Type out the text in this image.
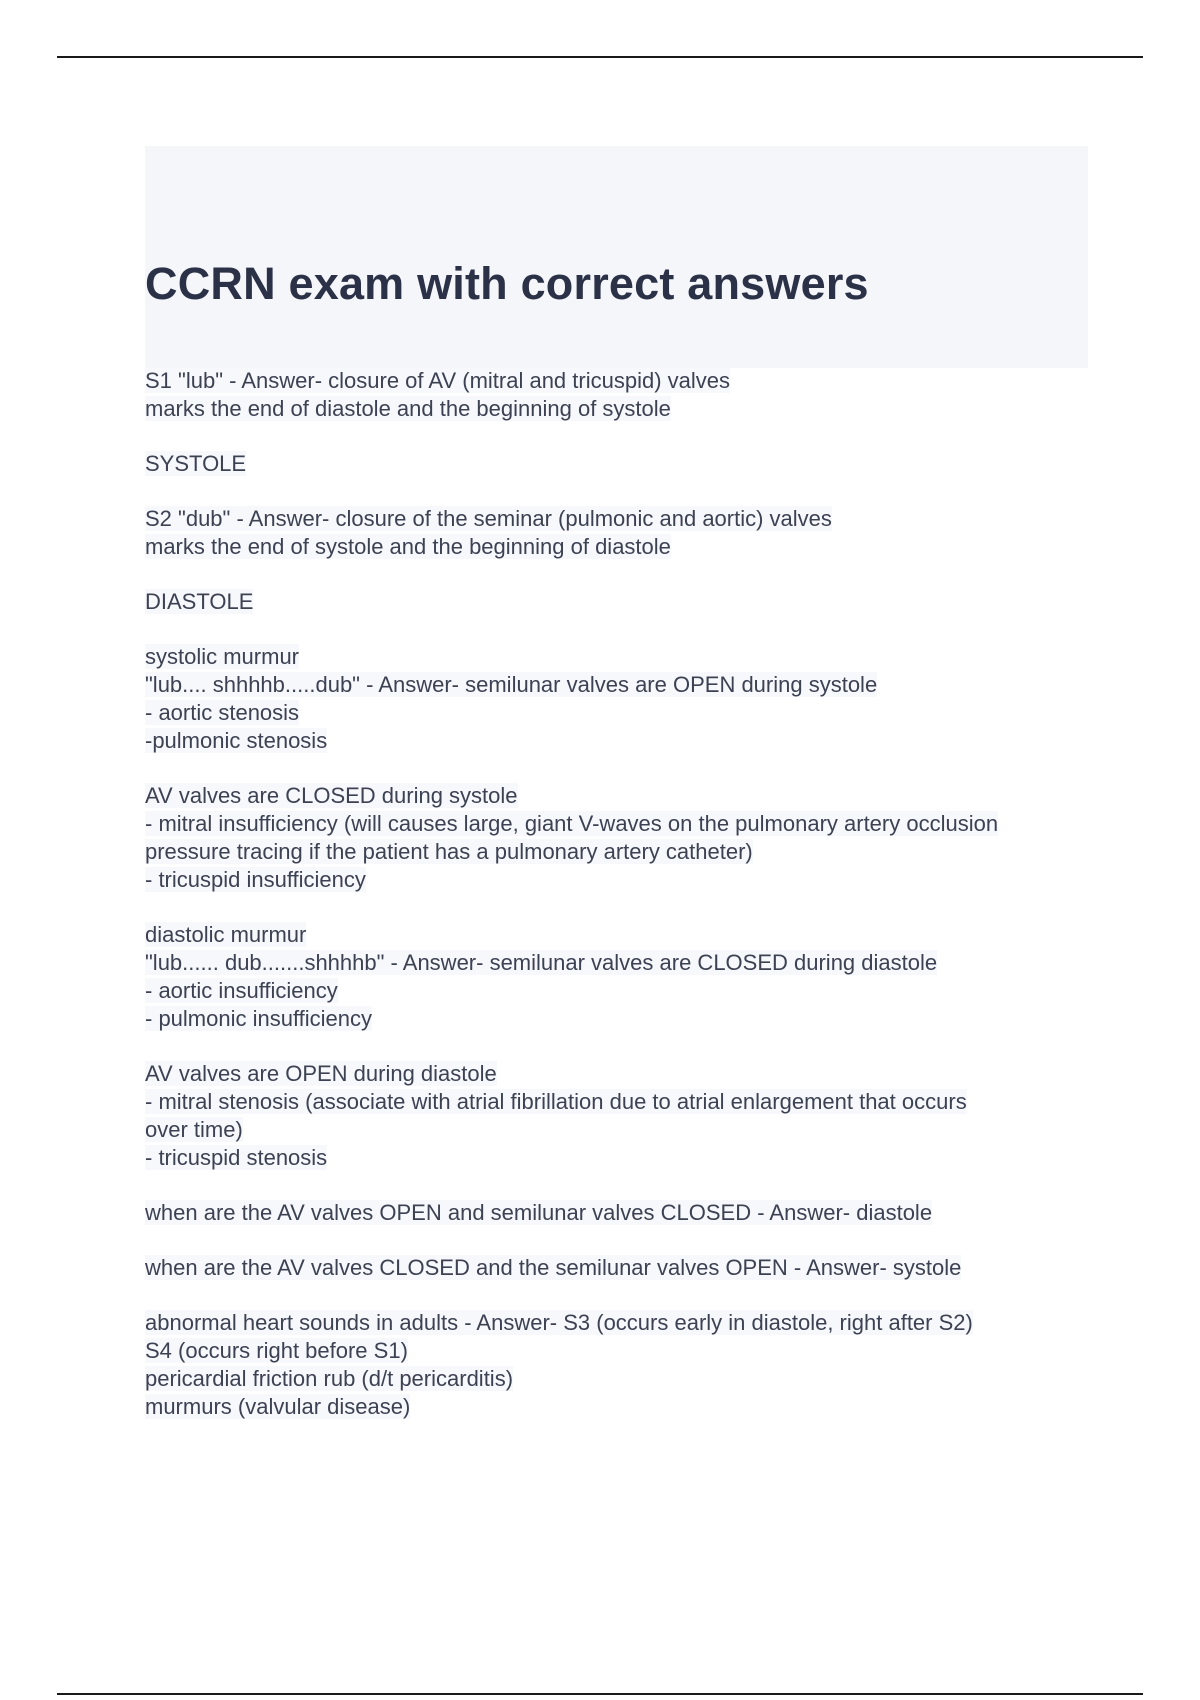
CCRN exam with correct answers
S1 "lub" - Answer- closure of AV (mitral and tricuspid) valves
marks the end of diastole and the beginning of systole
SYSTOLE
S2 "dub" - Answer- closure of the seminar (pulmonic and aortic) valves
marks the end of systole and the beginning of diastole
DIASTOLE
systolic murmur
"lub.... shhhhb.....dub" - Answer- semilunar valves are OPEN during systole
- aortic stenosis
-pulmonic stenosis
AV valves are CLOSED during systole
- mitral insufficiency (will causes large, giant V-waves on the pulmonary artery occlusion
pressure tracing if the patient has a pulmonary artery catheter)
- tricuspid insufficiency
diastolic murmur
"lub...... dub.......shhhhb" - Answer- semilunar valves are CLOSED during diastole
- aortic insufficiency
- pulmonic insufficiency
AV valves are OPEN during diastole
- mitral stenosis (associate with atrial fibrillation due to atrial enlargement that occurs
over time)
- tricuspid stenosis
when are the AV valves OPEN and semilunar valves CLOSED - Answer- diastole
when are the AV valves CLOSED and the semilunar valves OPEN - Answer- systole
abnormal heart sounds in adults - Answer- S3 (occurs early in diastole, right after S2)
S4 (occurs right before S1)
pericardial friction rub (d/t pericarditis)
murmurs (valvular disease)
